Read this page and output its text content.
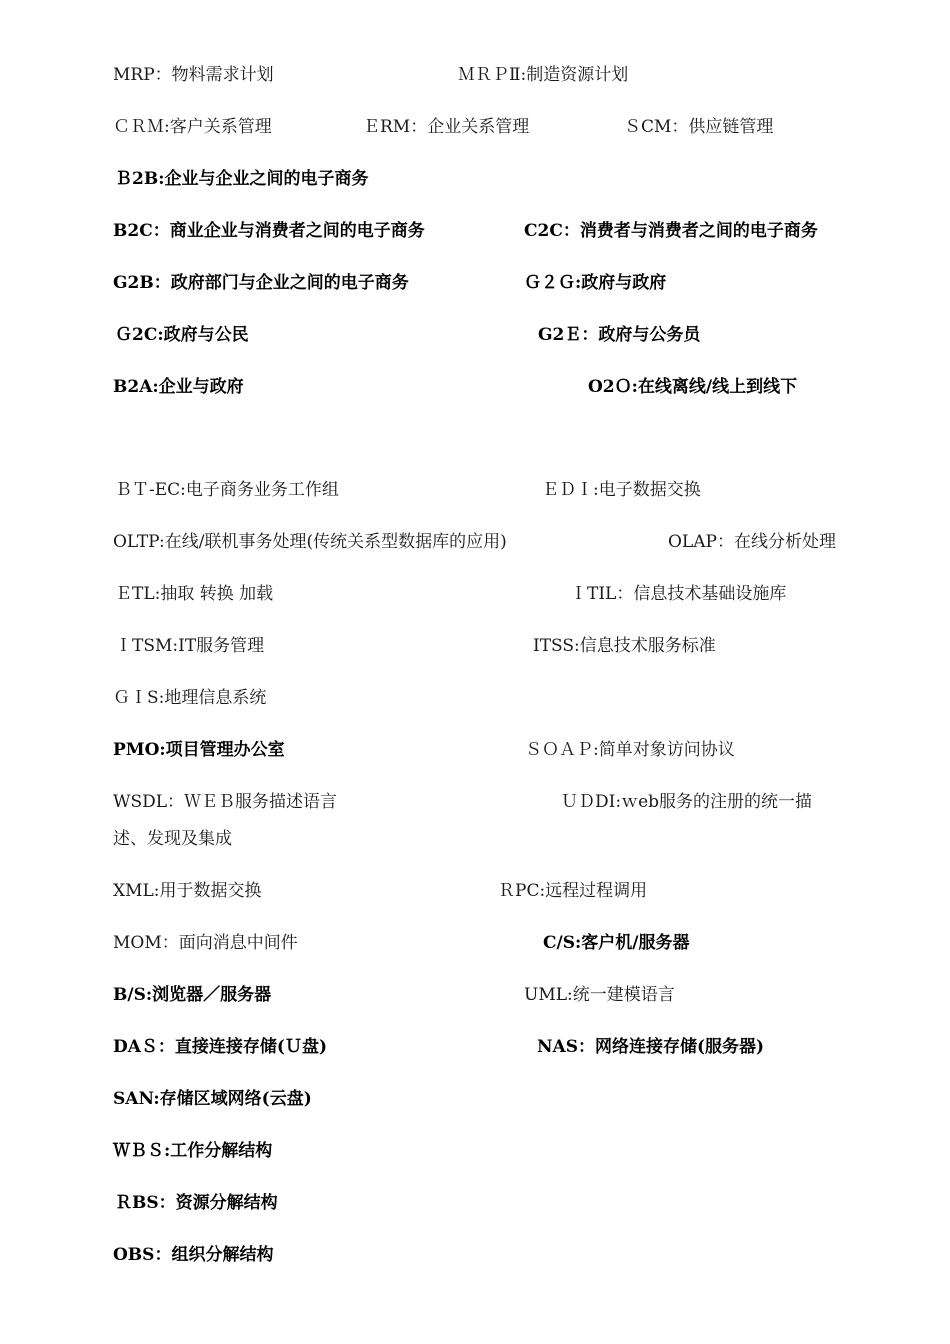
MRP：物料需求计划	ＭＲＰⅡ:制造资源计划
ＣＲＭ:客户关系管理	ＥRM：企业关系管理	ＳCM：供应链管理
Ｂ2B:企业与企业之间的电子商务
B2C：商业企业与消费者之间的电子商务	C2C：消费者与消费者之间的电子商务
G2B：政府部门与企业之间的电子商务	Ｇ２Ｇ:政府与政府
Ｇ2C:政府与公民	G2Ｅ：政府与公务员
B2A:企业与政府	O2Ｏ:在线离线/线上到线下
ＢＴ-EC:电子商务业务工作组	ＥＤＩ:电子数据交换
OLTP:在线/联机事务处理(传统关系型数据库的应用)	OLAP：在线分析处理
ＥTL:抽取 转换 加载	ＩTIL：信息技术基础设施库
ＩTSM:IT服务管理	ITSS:信息技术服务标准
ＧＩS:地理信息系统
PMO:项目管理办公室	ＳＯＡＰ:简单对象访问协议
WSDL：ＷＥＢ服务描述语言	ＵＤDI:ｗeb服务的注册的统一描
述、发现及集成
XML:用于数据交换	ＲPC:远程过程调用
MOM：面向消息中间件	C/S:客户机/服务器
B/S:浏览器／服务器	UML:统一建模语言
DAＳ：直接连接存储(Ｕ盘)	NAS：网络连接存储(服务器)
SAN:存储区域网络(云盘)
ＷＢＳ:工作分解结构
ＲBS：资源分解结构
OBS：组织分解结构
